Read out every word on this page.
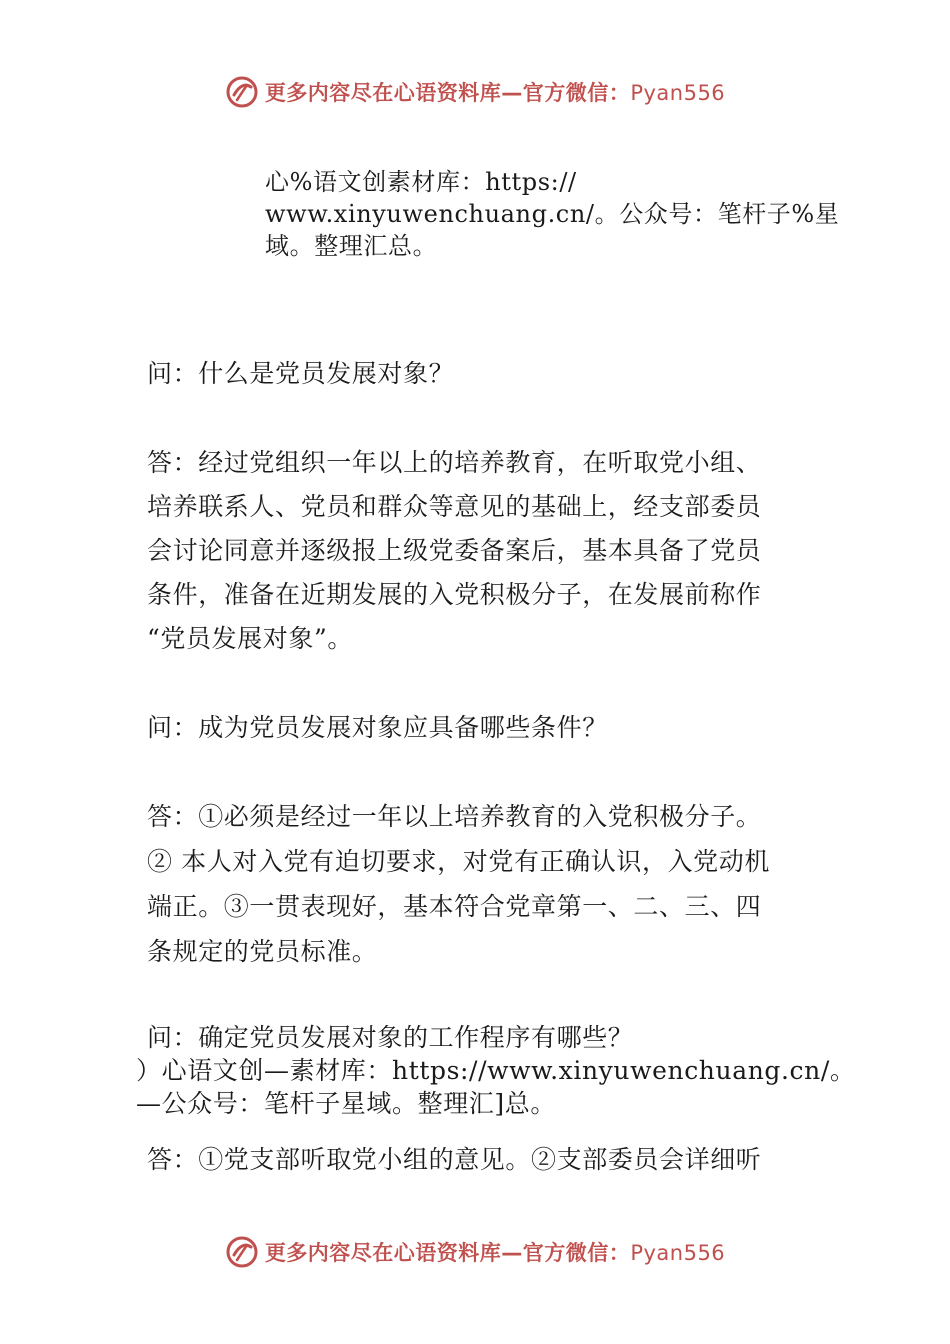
更多内容尽在心语资料库—官方微信：Pyan556
心%语文创素材库：https://
www.xinyuwenchuang.cn/。公众号：笔杆子%星
域。整理汇总。
问：什么是党员发展对象？
答：经过党组织一年以上的培养教育，在听取党小组、
培养联系人、党员和群众等意见的基础上，经支部委员
会讨论同意并逐级报上级党委备案后，基本具备了党员
条件，准备在近期发展的入党积极分子，在发展前称作
“党员发展对象”。
问：成为党员发展对象应具备哪些条件？
答：①必须是经过一年以上培养教育的入党积极分子。
② 本人对入党有迫切要求，对党有正确认识，入党动机
端正。③一贯表现好，基本符合党章第一、二、三、四
条规定的党员标准。
问：确定党员发展对象的工作程序有哪些？
）心语文创—素材库：https://www.xinyuwenchuang.cn/。
—公众号：笔杆子星域。整理汇]总。
答：①党支部听取党小组的意见。②支部委员会详细听
更多内容尽在心语资料库—官方微信：Pyan556
